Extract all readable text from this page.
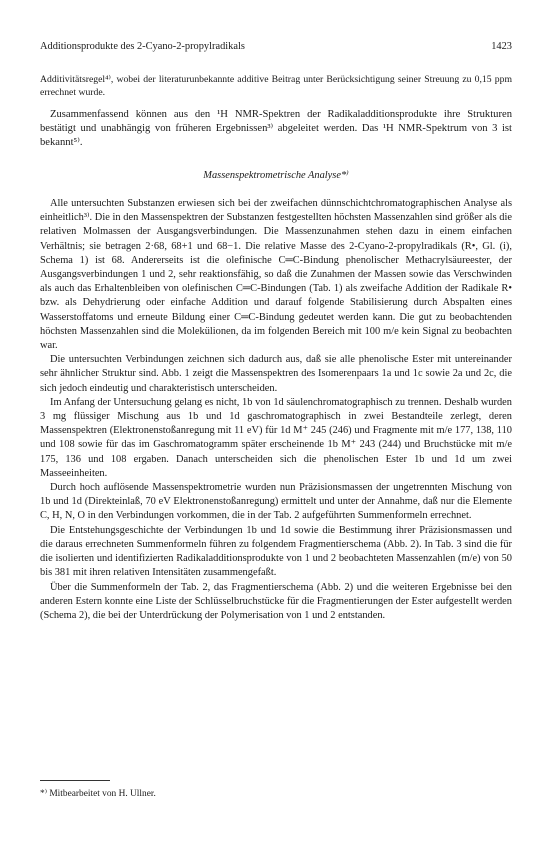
Additionsprodukte des 2-Cyano-2-propylradikals	1423

Additivitätsregel⁴⁾, wobei der literaturunbekannte additive Beitrag unter Berücksichtigung seiner Streuung zu 0,15 ppm errechnet wurde.

Zusammenfassend können aus den ¹H NMR-Spektren der Radikaladditionsprodukte ihre Strukturen bestätigt und unabhängig von früheren Ergebnissen³⁾ abgeleitet werden. Das ¹H NMR-Spektrum von 3 ist bekannt⁵⁾.

Massenspektrometrische Analyse*⁾

Alle untersuchten Substanzen erwiesen sich bei der zweifachen dünnschichtchromatographischen Analyse als einheitlich³⁾. Die in den Massenspektren der Substanzen festgestellten höchsten Massenzahlen sind größer als die relativen Molmassen der Ausgangsverbindungen. Die Massenzunahmen stehen dazu in einem einfachen Verhältnis; sie betragen 2·68, 68+1 und 68−1. Die relative Masse des 2-Cyano-2-propylradikals (R•, Gl. (i), Schema 1) ist 68. Andererseits ist die olefinische C═C-Bindung phenolischer Methacrylsäureester, der Ausgangsverbindungen 1 und 2, sehr reaktionsfähig, so daß die Zunahmen der Massen sowie das Verschwinden als auch das Erhaltenbleiben von olefinischen C═C-Bindungen (Tab. 1) als zweifache Addition der Radikale R• bzw. als Dehydrierung oder einfache Addition und darauf folgende Stabilisierung durch Abspalten eines Wasserstoffatoms und erneute Bildung einer C═C-Bindung gedeutet werden kann. Die gut zu beobachtenden höchsten Massenzahlen sind die Molekülionen, da im folgenden Bereich mit 100 m/e kein Signal zu beobachten war.

Die untersuchten Verbindungen zeichnen sich dadurch aus, daß sie alle phenolische Ester mit untereinander sehr ähnlicher Struktur sind. Abb. 1 zeigt die Massenspektren des Isomerenpaars 1a und 1c sowie 2a und 2c, die sich jedoch eindeutig und charakteristisch unterscheiden.

Im Anfang der Untersuchung gelang es nicht, 1b von 1d säulenchromatographisch zu trennen. Deshalb wurden 3 mg flüssiger Mischung aus 1b und 1d gaschromatographisch in zwei Bestandteile zerlegt, deren Massenspektren (Elektronenstoßanregung mit 11 eV) für 1d M⁺ 245 (246) und Fragmente mit m/e 177, 138, 110 und 108 sowie für das im Gaschromatogramm später erscheinende 1b M⁺ 243 (244) und Bruchstücke mit m/e 175, 136 und 108 ergaben. Danach unterscheiden sich die phenolischen Ester 1b und 1d um zwei Masseeinheiten.

Durch hoch auflösende Massenspektrometrie wurden nun Präzisionsmassen der ungetrennten Mischung von 1b und 1d (Direkteinlaß, 70 eV Elektronenstoßanregung) ermittelt und unter der Annahme, daß nur die Elemente C, H, N, O in den Verbindungen vorkommen, die in der Tab. 2 aufgeführten Summenformeln errechnet.

Die Entstehungsgeschichte der Verbindungen 1b und 1d sowie die Bestimmung ihrer Präzisionsmassen und die daraus errechneten Summenformeln führen zu folgendem Fragmentierschema (Abb. 2). In Tab. 3 sind die für die isolierten und identifizierten Radikaladditionsprodukte von 1 und 2 beobachteten Massenzahlen (m/e) von 50 bis 381 mit ihren relativen Intensitäten zusammengefaßt.

Über die Summenformeln der Tab. 2, das Fragmentierschema (Abb. 2) und die weiteren Ergebnisse bei den anderen Estern konnte eine Liste der Schlüsselbruchstücke für die Fragmentierungen der Ester aufgestellt werden (Schema 2), die bei der Unterdrückung der Polymerisation von 1 und 2 entstanden.

*⁾ Mitbearbeitet von H. Ullner.
